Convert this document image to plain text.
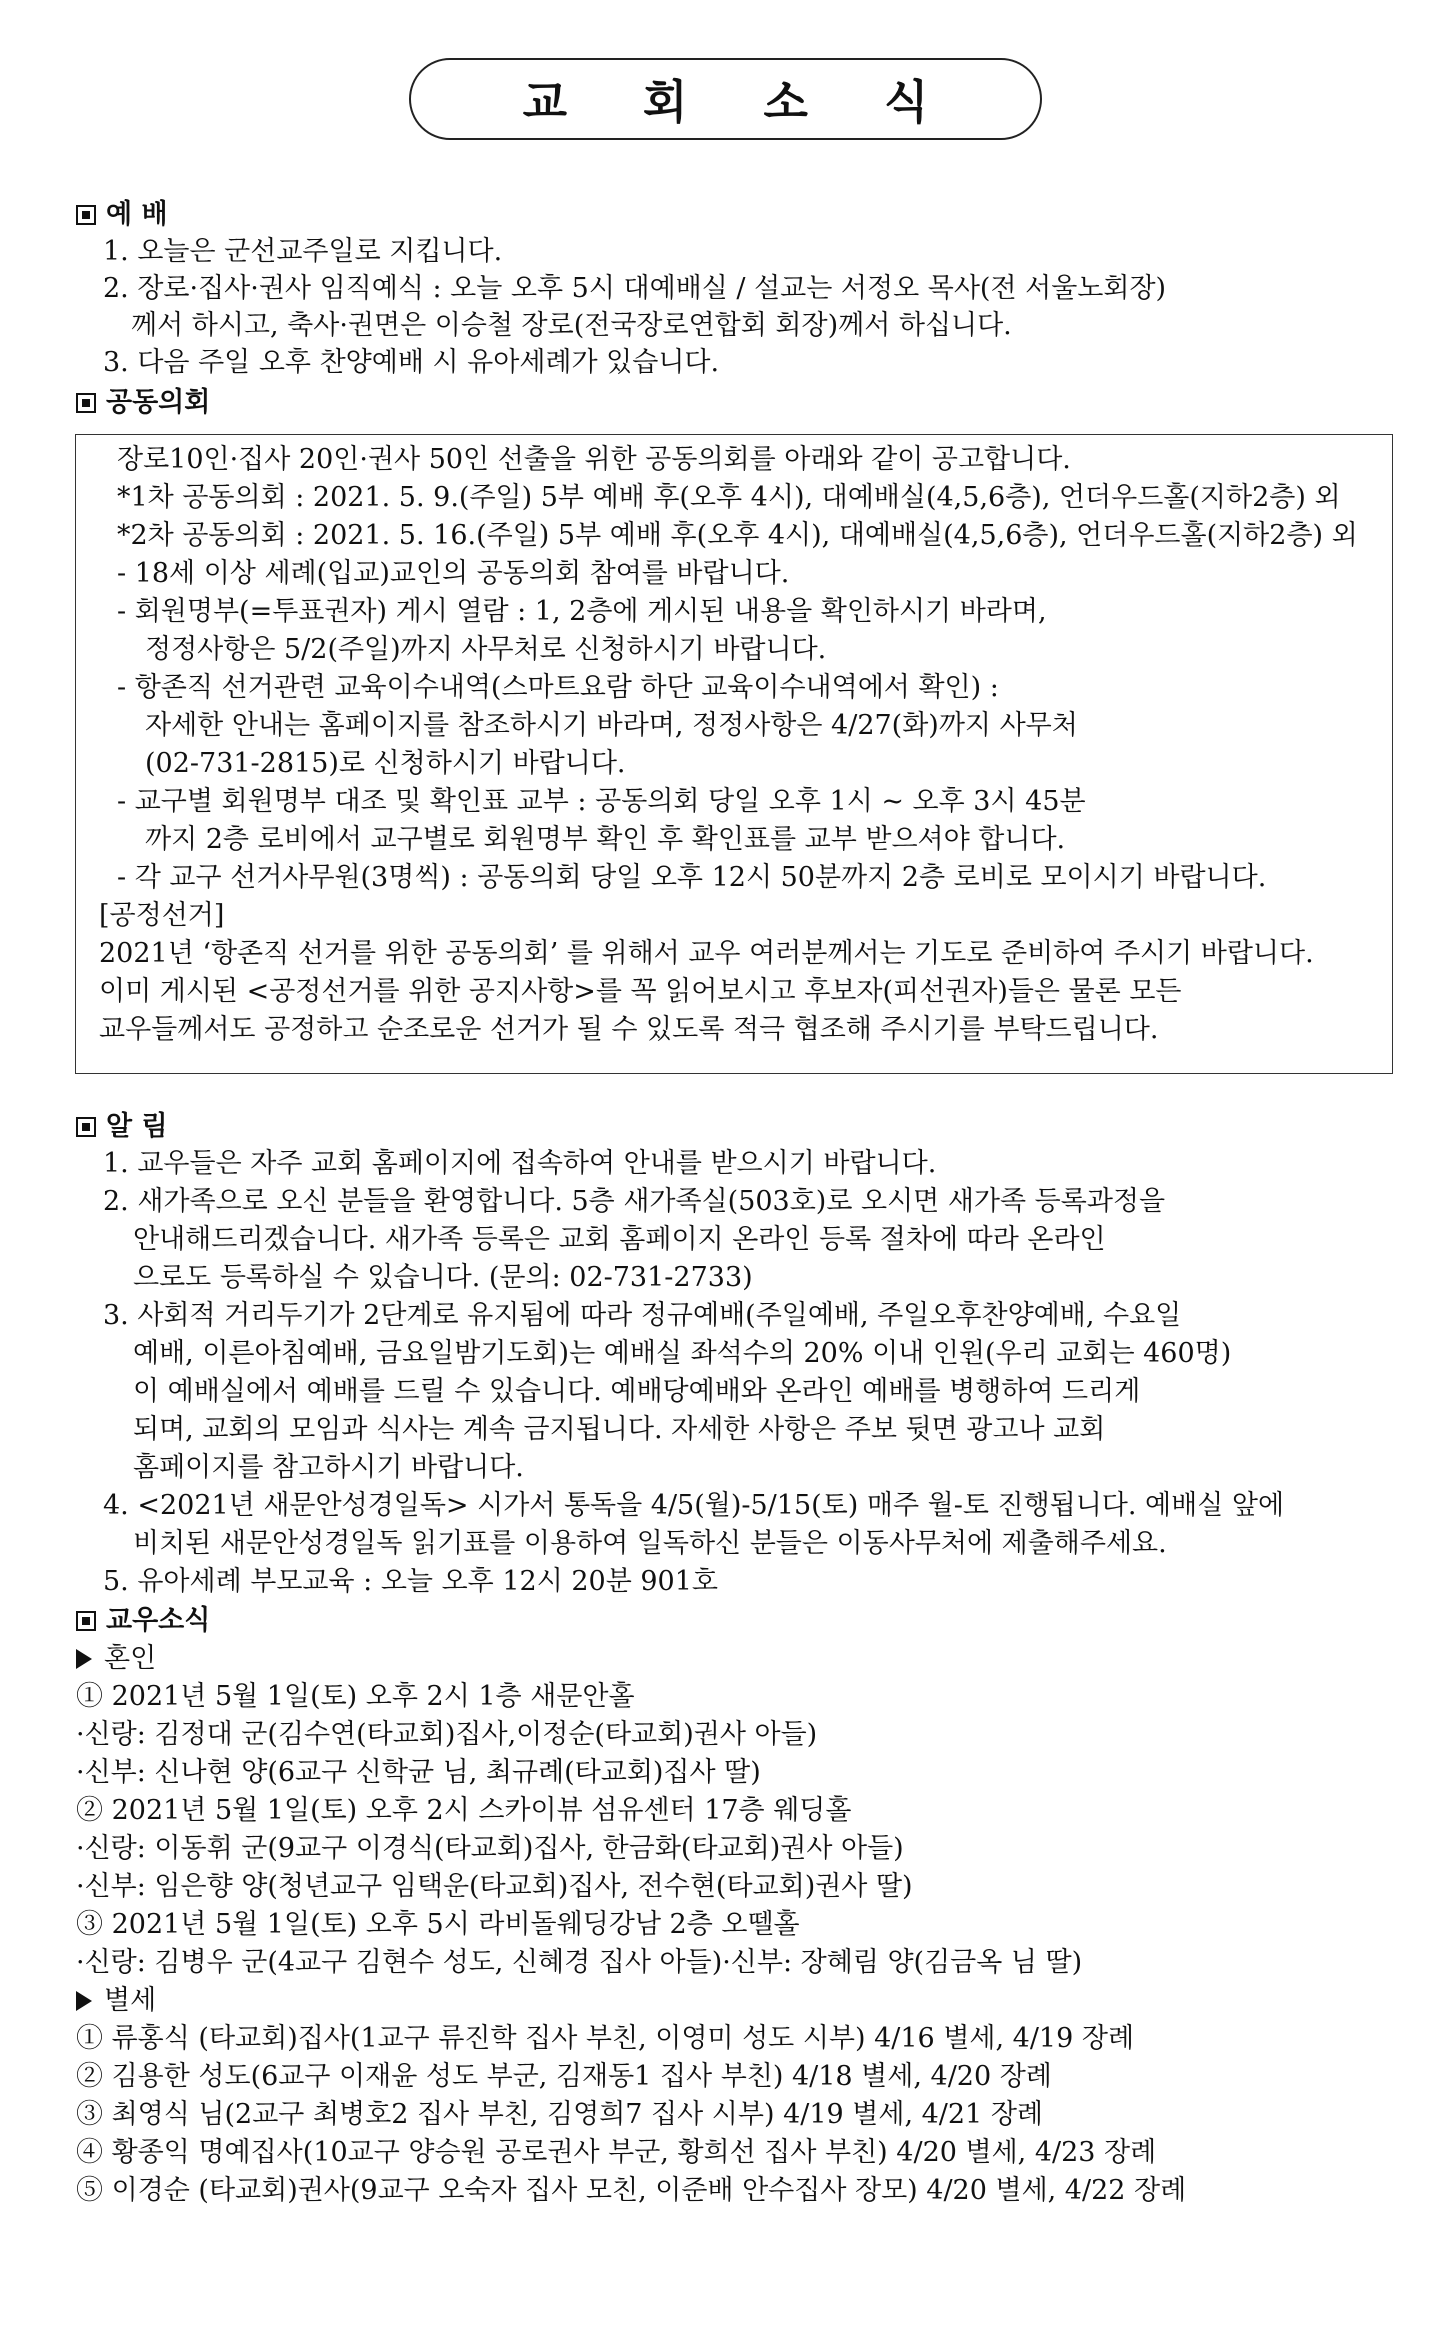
교 회 소 식
예 배
1. 오늘은 군선교주일로 지킵니다.
2. 장로·집사·권사 임직예식 : 오늘 오후 5시 대예배실 / 설교는 서정오 목사(전 서울노회장)
께서 하시고, 축사·권면은 이승철 장로(전국장로연합회 회장)께서 하십니다.
3. 다음 주일 오후 찬양예배 시 유아세례가 있습니다.
공동의회
장로10인·집사 20인·권사 50인 선출을 위한 공동의회를 아래와 같이 공고합니다.
*1차 공동의회 : 2021. 5. 9.(주일) 5부 예배 후(오후 4시), 대예배실(4,5,6층), 언더우드홀(지하2층) 외
*2차 공동의회 : 2021. 5. 16.(주일) 5부 예배 후(오후 4시), 대예배실(4,5,6층), 언더우드홀(지하2층) 외
- 18세 이상 세례(입교)교인의 공동의회 참여를 바랍니다.
- 회원명부(=투표권자) 게시 열람 : 1, 2층에 게시된 내용을 확인하시기 바라며,
정정사항은 5/2(주일)까지 사무처로 신청하시기 바랍니다.
- 항존직 선거관련 교육이수내역(스마트요람 하단 교육이수내역에서 확인) :
자세한 안내는 홈페이지를 참조하시기 바라며, 정정사항은 4/27(화)까지 사무처
(02-731-2815)로 신청하시기 바랍니다.
- 교구별 회원명부 대조 및 확인표 교부 : 공동의회 당일 오후 1시 ~ 오후 3시 45분
까지 2층 로비에서 교구별로 회원명부 확인 후 확인표를 교부 받으셔야 합니다.
- 각 교구 선거사무원(3명씩) : 공동의회 당일 오후 12시 50분까지 2층 로비로 모이시기 바랍니다.
[공정선거]
2021년 ‘항존직 선거를 위한 공동의회’ 를 위해서 교우 여러분께서는 기도로 준비하여 주시기 바랍니다.
이미 게시된 <공정선거를 위한 공지사항>를 꼭 읽어보시고 후보자(피선권자)들은 물론 모든
교우들께서도 공정하고 순조로운 선거가 될 수 있도록 적극 협조해 주시기를 부탁드립니다.
알 림
1. 교우들은 자주 교회 홈페이지에 접속하여 안내를 받으시기 바랍니다.
2. 새가족으로 오신 분들을 환영합니다. 5층 새가족실(503호)로 오시면 새가족 등록과정을
안내해드리겠습니다. 새가족 등록은 교회 홈페이지 온라인 등록 절차에 따라 온라인
으로도 등록하실 수 있습니다. (문의: 02-731-2733)
3. 사회적 거리두기가 2단계로 유지됨에 따라 정규예배(주일예배, 주일오후찬양예배, 수요일
예배, 이른아침예배, 금요일밤기도회)는 예배실 좌석수의 20% 이내 인원(우리 교회는 460명)
이 예배실에서 예배를 드릴 수 있습니다. 예배당예배와 온라인 예배를 병행하여 드리게
되며, 교회의 모임과 식사는 계속 금지됩니다. 자세한 사항은 주보 뒷면 광고나 교회
홈페이지를 참고하시기 바랍니다.
4. <2021년 새문안성경일독> 시가서 통독을 4/5(월)-5/15(토) 매주 월-토 진행됩니다. 예배실 앞에
비치된 새문안성경일독 읽기표를 이용하여 일독하신 분들은 이동사무처에 제출해주세요.
5. 유아세례 부모교육 : 오늘 오후 12시 20분 901호
교우소식
혼인
① 2021년 5월 1일(토) 오후 2시 1층 새문안홀
·신랑: 김정대 군(김수연(타교회)집사,이정순(타교회)권사 아들)
·신부: 신나현 양(6교구 신학균 님, 최규례(타교회)집사 딸)
② 2021년 5월 1일(토) 오후 2시 스카이뷰 섬유센터 17층 웨딩홀
·신랑: 이동휘 군(9교구 이경식(타교회)집사, 한금화(타교회)권사 아들)
·신부: 임은향 양(청년교구 임택운(타교회)집사, 전수현(타교회)권사 딸)
③ 2021년 5월 1일(토) 오후 5시 라비돌웨딩강남 2층 오뗄홀
·신랑: 김병우 군(4교구 김현수 성도, 신혜경 집사 아들)·신부: 장혜림 양(김금옥 님 딸)
별세
① 류홍식 (타교회)집사(1교구 류진학 집사 부친, 이영미 성도 시부) 4/16 별세, 4/19 장례
② 김용한 성도(6교구 이재윤 성도 부군, 김재동1 집사 부친) 4/18 별세, 4/20 장례
③ 최영식 님(2교구 최병호2 집사 부친, 김영희7 집사 시부) 4/19 별세, 4/21 장례
④ 황종익 명예집사(10교구 양승원 공로권사 부군, 황희선 집사 부친) 4/20 별세, 4/23 장례
⑤ 이경순 (타교회)권사(9교구 오숙자 집사 모친, 이준배 안수집사 장모) 4/20 별세, 4/22 장례
